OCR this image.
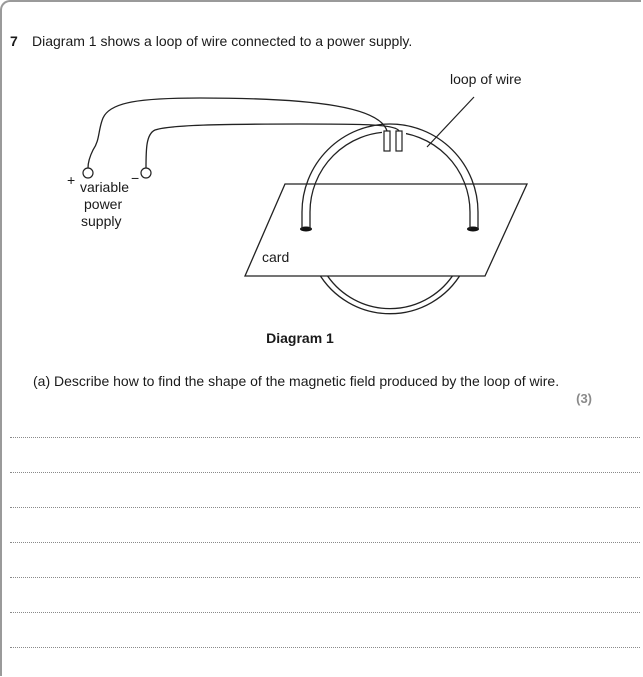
7 Diagram 1 shows a loop of wire connected to a power supply.
loop of wire
+	−
variable
power
supply
card
Diagram 1
(a) Describe how to find the shape of the magnetic field produced by the loop of wire.
(3)
